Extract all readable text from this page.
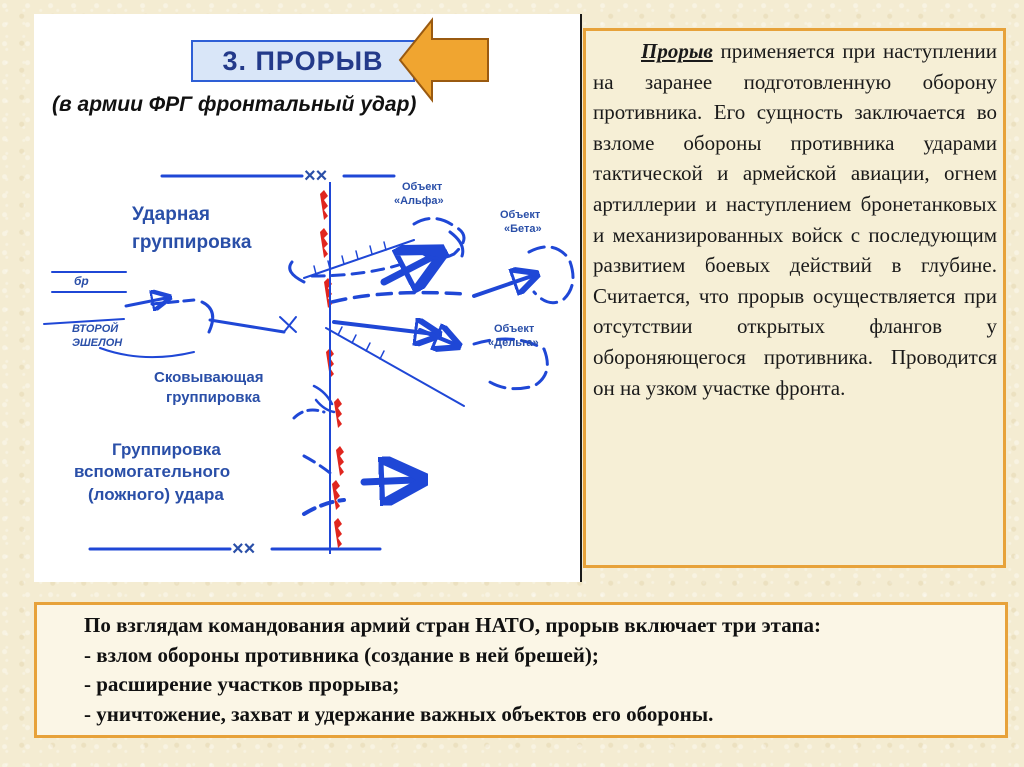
××
××
Ударная группировка
Сковывающая группировка
Группировка вспомогательного (ложного) удара
ВТОРОЙ ЭШЕЛОН
бр
Объект «Альфа»
Объект «Бета»
Объект «Дельта»
3. ПРОРЫВ
(в армии ФРГ фронтальный удар)
Прорыв применяется при наступлении на заранее подготовленную оборону противника. Его сущность заключается во взломе обороны противника ударами тактической и армейской авиации, огнем артиллерии и наступлением бронетанковых и механизированных войск с последующим развитием боевых действий в глубине. Считается, что прорыв осуществляется при отсутствии открытых флангов у обороняющегося противника. Проводится он на узком участке фронта.
По взглядам командования армий стран НАТО, прорыв включает три этапа:
- взлом обороны противника (создание в ней брешей);
- расширение участков прорыва;
- уничтожение, захват и удержание важных объектов его обороны.
